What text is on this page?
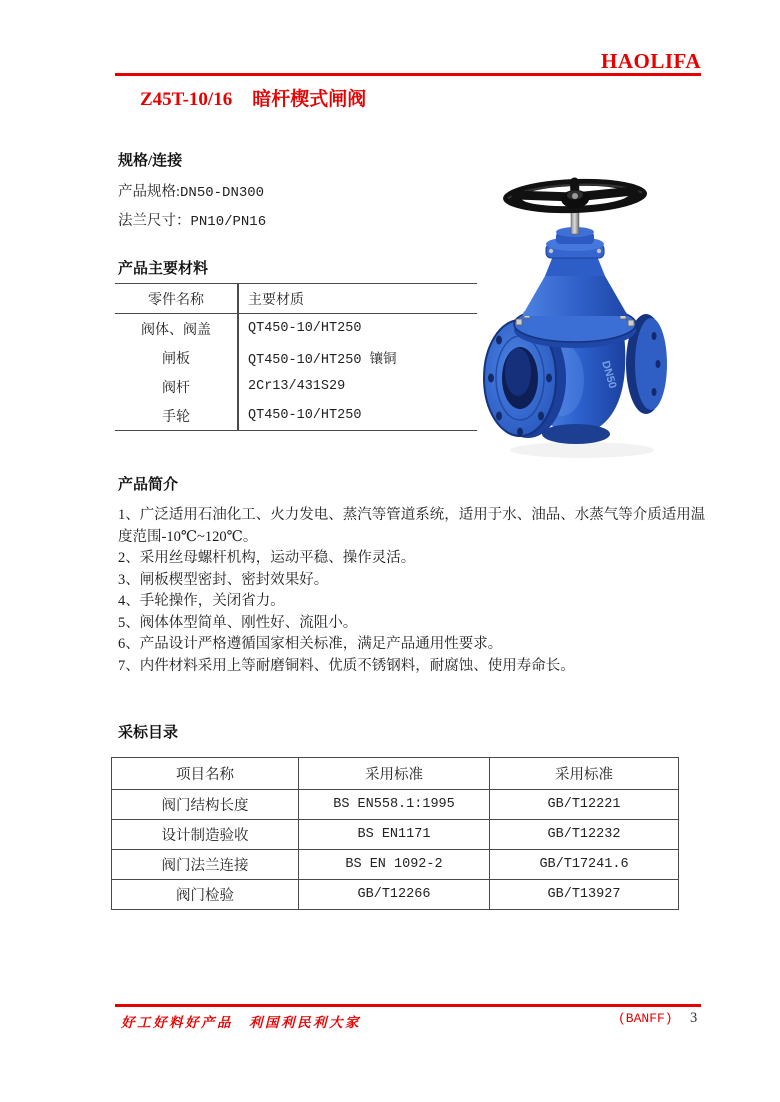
HAOLIFA
Z45T-10/16 暗杆楔式闸阀
规格/连接
产品规格:DN50-DN300
法兰尺寸：PN10/PN16
产品主要材料
零件名称	主要材质
阀体、阀盖	QT450-10/HT250
闸板	QT450-10/HT250 镶铜
阀杆	2Cr13/431S29
手轮	QT450-10/HT250
DN50
产品简介
1、广泛适用石油化工、火力发电、蒸汽等管道系统，适用于水、油品、水蒸气等介质适用温度范围-10℃~120℃。
2、采用丝母螺杆机构，运动平稳、操作灵活。
3、闸板楔型密封、密封效果好。
4、手轮操作，关闭省力。
5、阀体体型简单、刚性好、流阻小。
6、产品设计严格遵循国家相关标准，满足产品通用性要求。
7、内件材料采用上等耐磨铜料、优质不锈钢料，耐腐蚀、使用寿命长。
采标目录
项目名称	采用标准	采用标准
阀门结构长度	BS EN558.1:1995	GB/T12221
设计制造验收	BS EN1171	GB/T12232
阀门法兰连接	BS EN 1092-2	GB/T17241.6
阀门检验	GB/T12266	GB/T13927
好工好料好产品　利国利民利大家	(BANFF) 3
